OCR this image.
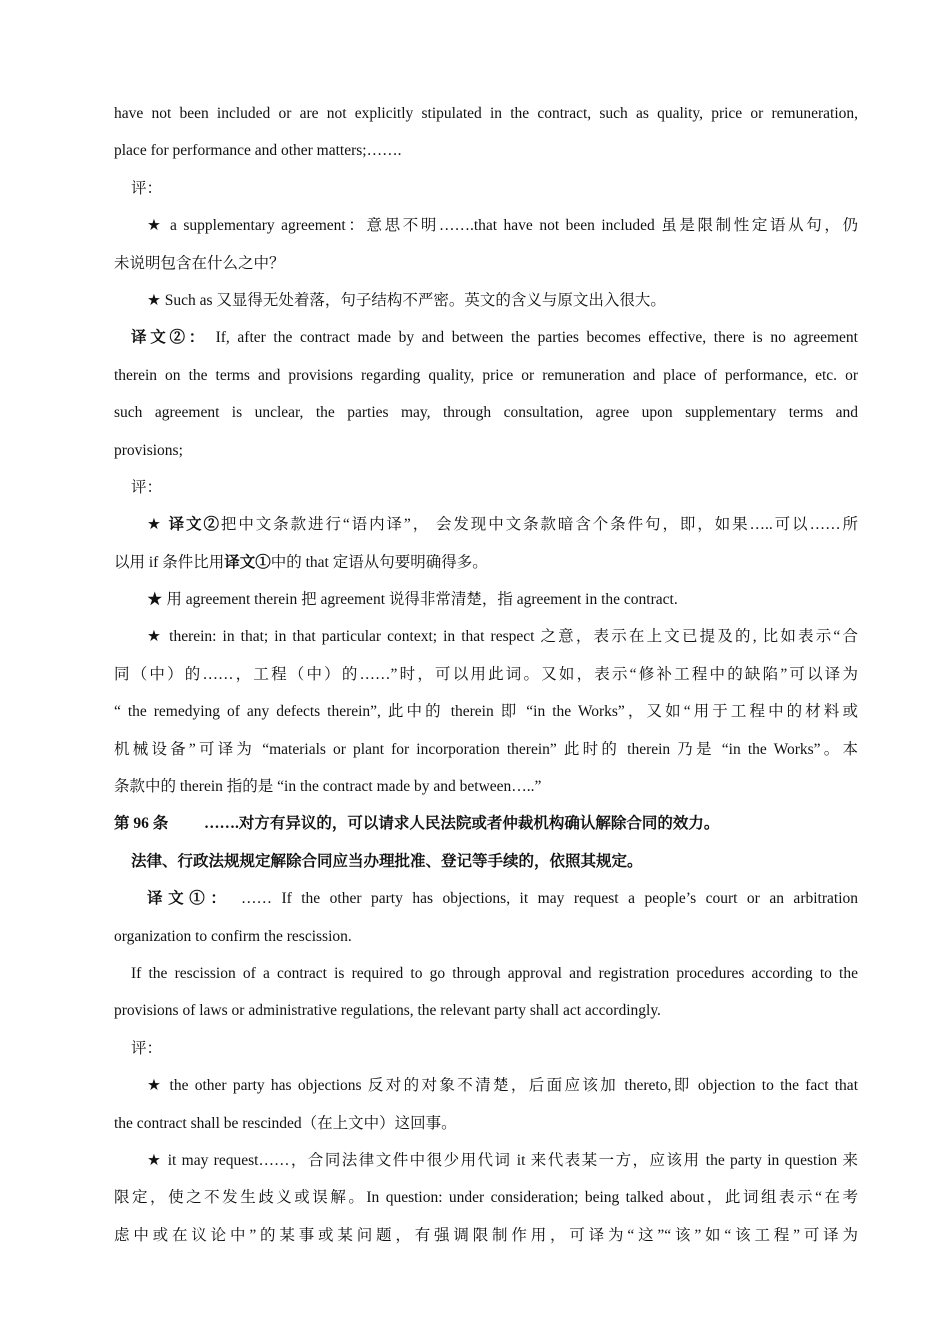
have not been included or are not explicitly stipulated in the contract, such as quality, price or remuneration,
place for performance and other matters;…….
评：
★ a supplementary agreement：意思不明…….that have not been included 虽是限制性定语从句，仍
未说明包含在什么之中？
★ Such as 又显得无处着落，句子结构不严密。英文的含义与原文出入很大。
译文②： If, after the contract made by and between the parties becomes effective, there is no agreement
therein on the terms and provisions regarding quality, price or remuneration and place of performance, etc. or
such agreement is unclear, the parties may, through consultation, agree upon supplementary terms and
provisions;
评：
★ 译文②把中文条款进行“语内译”， 会发现中文条款暗含个条件句，即，如果…..可以……所
以用 if 条件比用译文①中的 that 定语从句要明确得多。
★ 用 agreement therein 把 agreement 说得非常清楚，指 agreement in the contract.
★ therein: in that; in that particular context; in that respect 之意，表示在上文已提及的, 比如表示“合
同（中）的……，工程（中）的……”时，可以用此词。又如，表示“修补工程中的缺陷”可以译为
“ the remedying of any defects therein”, 此中的 therein 即 “in the Works”，又如“用于工程中的材料或
机械设备”可译为 “materials or plant for incorporation therein” 此时的 therein 乃是 “in the Works”。本
条款中的 therein 指的是 “in the contract made by and between…..”
第 96 条 …….对方有异议的，可以请求人民法院或者仲裁机构确认解除合同的效力。
法律、行政法规规定解除合同应当办理批准、登记等手续的，依照其规定。
译文①： …… If the other party has objections, it may request a people’s court or an arbitration
organization to confirm the rescission.
If the rescission of a contract is required to go through approval and registration procedures according to the
provisions of laws or administrative regulations, the relevant party shall act accordingly.
评：
★ the other party has objections 反对的对象不清楚，后面应该加 thereto,即 objection to the fact that
the contract shall be rescinded（在上文中）这回事。
★ it may request……，合同法律文件中很少用代词 it 来代表某一方，应该用 the party in question 来
限定，使之不发生歧义或误解。In question: under consideration; being talked about，此词组表示“在考
虑中或在议论中”的某事或某问题，有强调限制作用，可译为“这”“该”如“该工程”可译为
